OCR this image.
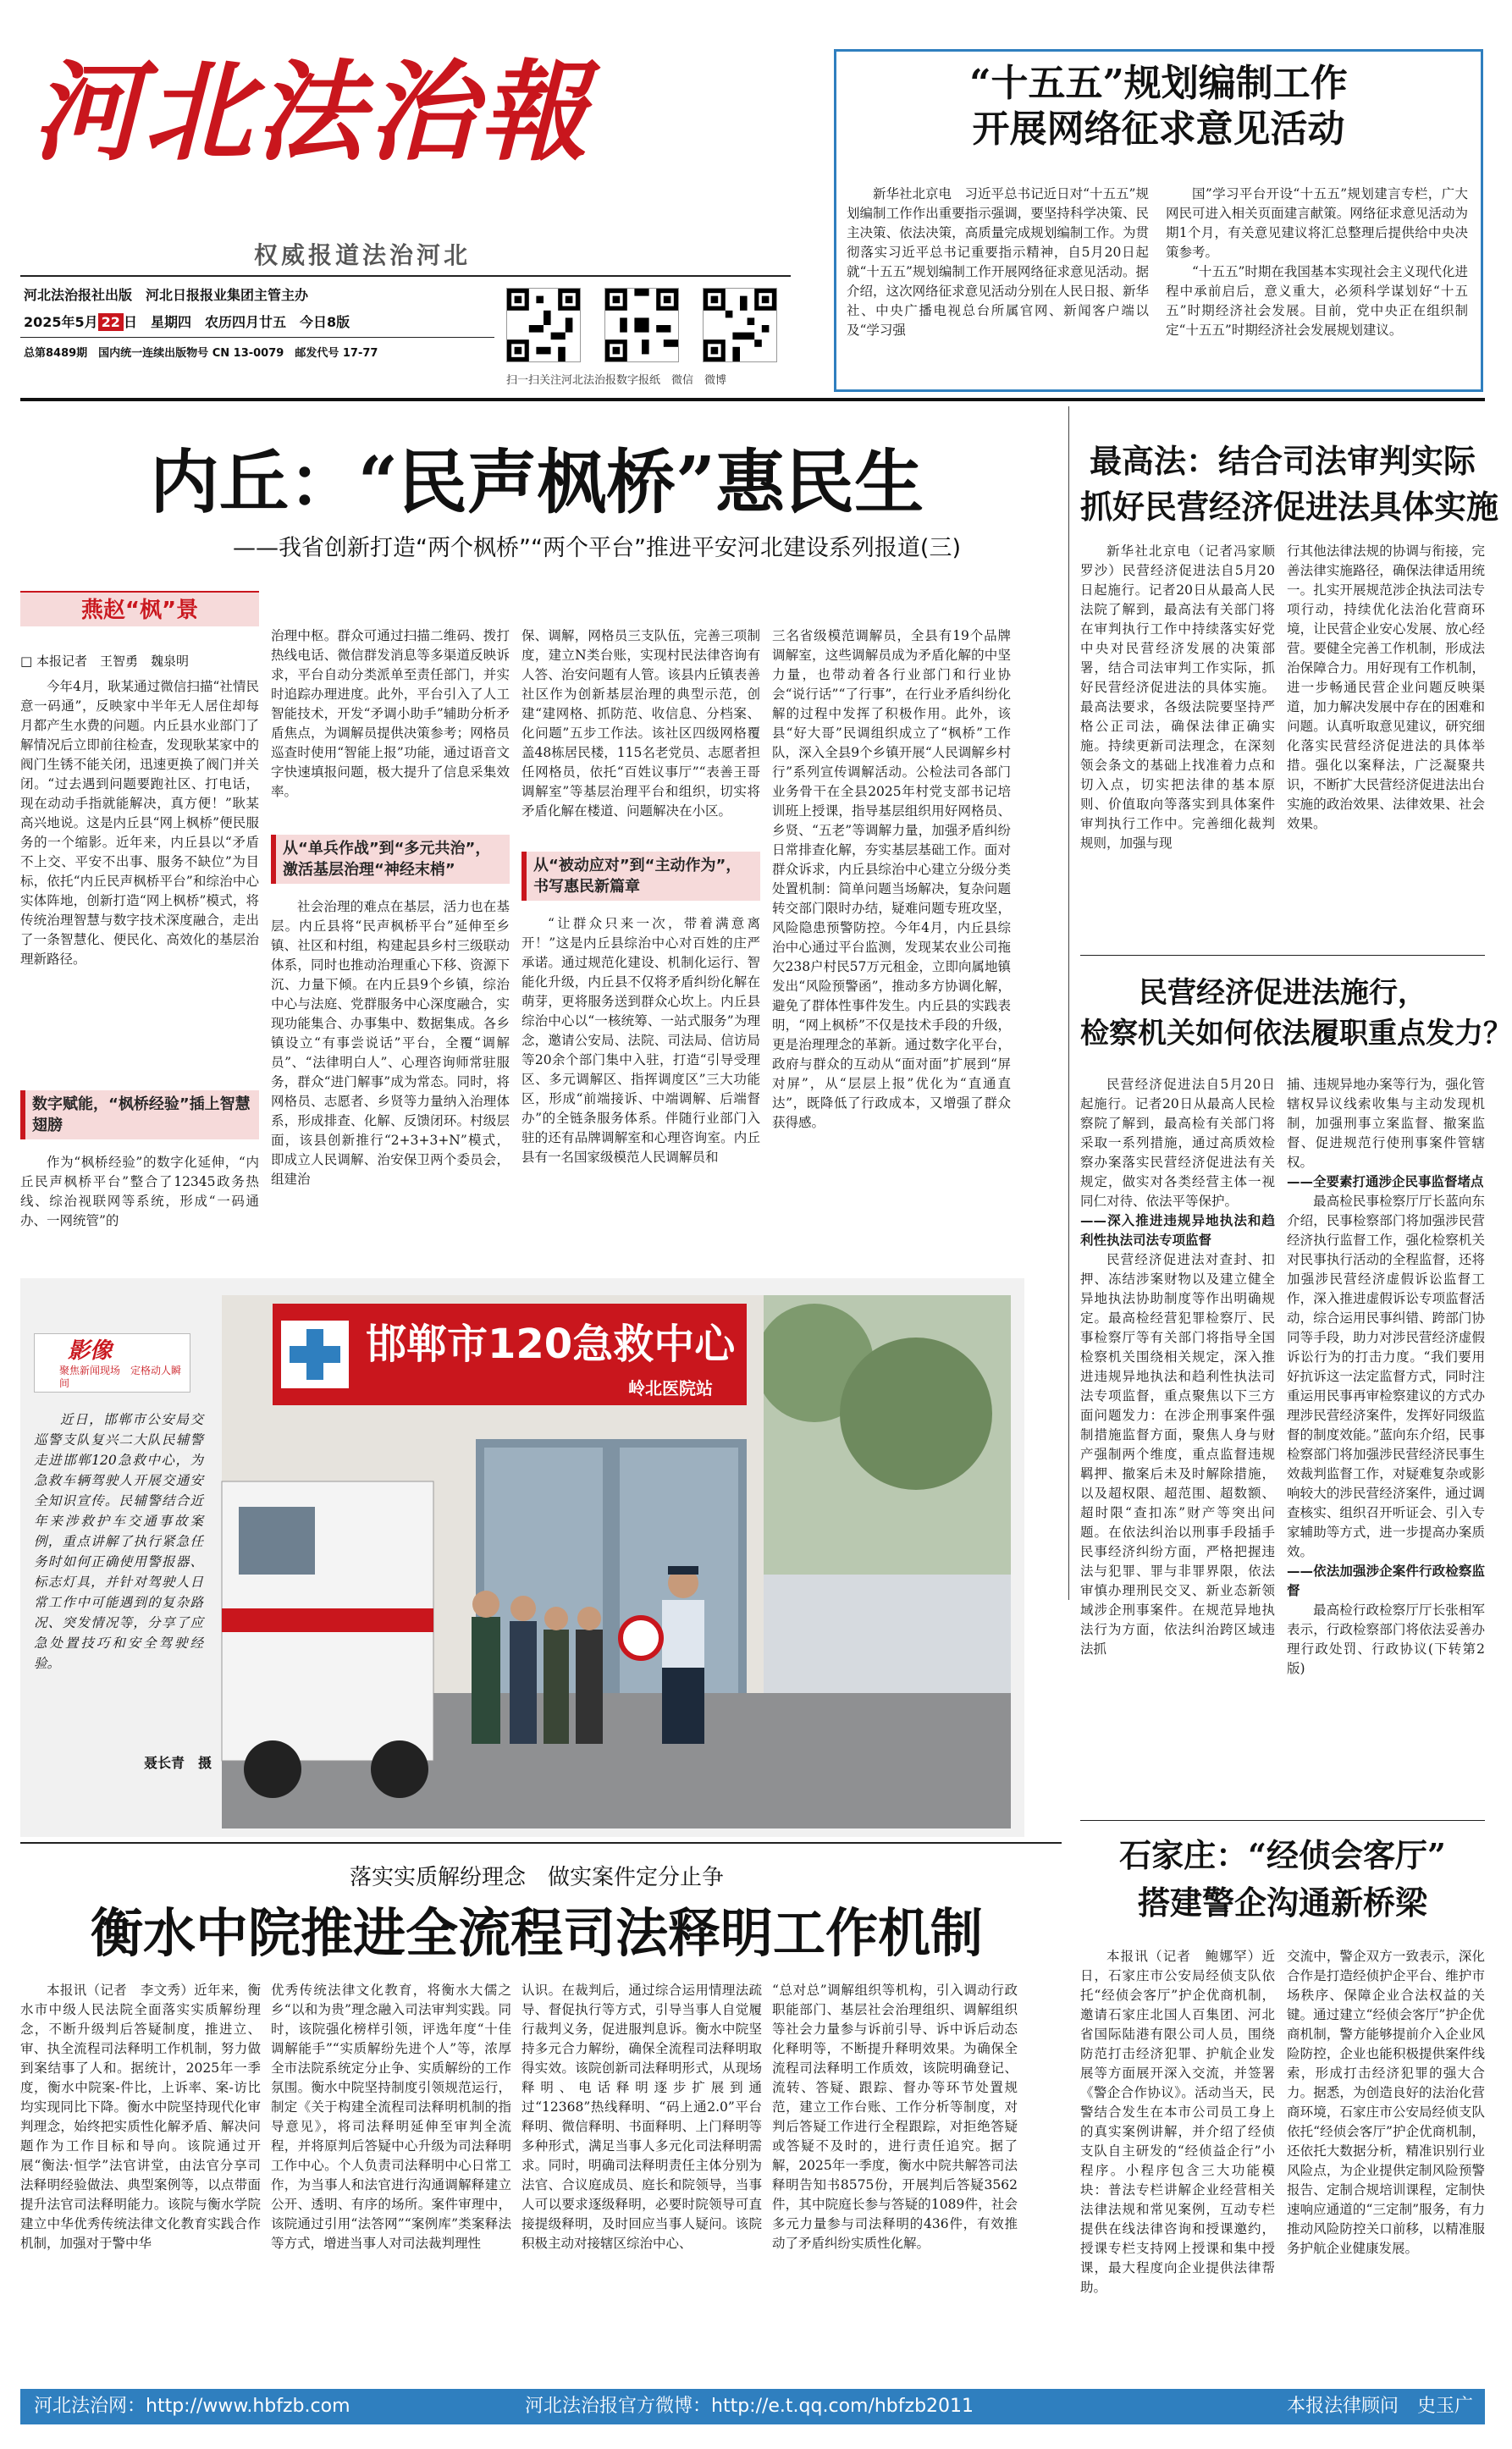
河北法治報
权威报道法治河北
河北法治报社出版　河北日报报业集团主管主办
2025年5月 22 日　星期四　农历四月廿五　今日8版
总第8489期　国内统一连续出版物号 CN 13-0079　邮发代号 17-77
扫一扫关注河北法治报数字报纸　微信　微博
“十五五”规划编制工作
开展网络征求意见活动

新华社北京电　习近平总书记近日对“十五五”规划编制工作作出重要指示强调，要坚持科学决策、民主决策、依法决策，高质量完成规划编制工作。为贯彻落实习近平总书记重要指示精神，自5月20日起就“十五五”规划编制工作开展网络征求意见活动。据介绍，这次网络征求意见活动分别在人民日报、新华社、中央广播电视总台所属官网、新闻客户端以及“学习强

国”学习平台开设“十五五”规划建言专栏，广大网民可进入相关页面建言献策。网络征求意见活动为期1个月，有关意见建议将汇总整理后提供给中央决策参考。

“十五五”时期在我国基本实现社会主义现代化进程中承前启后，意义重大，必须科学谋划好“十五五”时期经济社会发展。目前，党中央正在组织制定“十五五”时期经济社会发展规划建议。

内丘：“民声枫桥”惠民生
——我省创新打造“两个枫桥”“两个平台”推进平安河北建设系列报道(三)
燕赵“枫”景
□ 本报记者　王智勇　魏泉明

今年4月，耿某通过微信扫描“社情民意一码通”，反映家中半年无人居住却每月都产生水费的问题。内丘县水业部门了解情况后立即前往检查，发现耿某家中的阀门生锈不能关闭，迅速更换了阀门并关闭。“过去遇到问题要跑社区、打电话，现在动动手指就能解决，真方便！”耿某高兴地说。这是内丘县“网上枫桥”便民服务的一个缩影。近年来，内丘县以“矛盾不上交、平安不出事、服务不缺位”为目标，依托“内丘民声枫桥平台”和综治中心实体阵地，创新打造“网上枫桥”模式，将传统治理智慧与数字技术深度融合，走出了一条智慧化、便民化、高效化的基层治理新路径。

数字赋能，“枫桥经验”插上智慧翅膀

作为“枫桥经验”的数字化延伸，“内丘民声枫桥平台”整合了12345政务热线、综治视联网等系统，形成“一码通办、一网统管”的

治理中枢。群众可通过扫描二维码、拨打热线电话、微信群发消息等多渠道反映诉求，平台自动分类派单至责任部门，并实时追踪办理进度。此外，平台引入了人工智能技术，开发“矛调小助手”辅助分析矛盾焦点，为调解员提供决策参考；网格员巡查时使用“智能上报”功能，通过语音文字快速填报问题，极大提升了信息采集效率。

从“单兵作战”到“多元共治”，激活基层治理“神经末梢”

社会治理的难点在基层，活力也在基层。内丘县将“民声枫桥平台”延伸至乡镇、社区和村组，构建起县乡村三级联动体系，同时也推动治理重心下移、资源下沉、力量下倾。在内丘县9个乡镇，综治中心与法庭、党群服务中心深度融合，实现功能集合、办事集中、数据集成。各乡镇设立“有事尝说话”平台，全覆“调解员”、“法律明白人”、心理咨询师常驻服务，群众“进门解事”成为常态。同时，将网格员、志愿者、乡贤等力量纳入治理体系，形成排查、化解、反馈闭环。村级层面，该县创新推行“2+3+3+N”模式，即成立人民调解、治安保卫两个委员会，组建治

保、调解，网格员三支队伍，完善三项制度，建立N类台账，实现村民法律咨询有人答、治安问题有人管。该县内丘镇表善社区作为创新基层治理的典型示范，创建“建网格、抓防范、收信息、分档案、化问题”五步工作法。该社区四级网格覆盖48栋居民楼，115名老党员、志愿者担任网格员，依托“百姓议事厅”“表善王哥调解室”等基层治理平台和组织，切实将矛盾化解在楼道、问题解决在小区。

从“被动应对”到“主动作为”，书写惠民新篇章

“让群众只来一次，带着满意离开！”这是内丘县综治中心对百姓的庄严承诺。通过规范化建设、机制化运行、智能化升级，内丘县不仅将矛盾纠纷化解在萌芽，更将服务送到群众心坎上。内丘县综治中心以“一核统筹、一站式服务”为理念，邀请公安局、法院、司法局、信访局等20余个部门集中入驻，打造“引导受理区、多元调解区、指挥调度区”三大功能区，形成“前端接诉、中端调解、后端督办”的全链条服务体系。伴随行业部门入驻的还有品牌调解室和心理咨询室。内丘县有一名国家级模范人民调解员和

三名省级模范调解员，全县有19个品牌调解室，这些调解员成为矛盾化解的中坚力量，也带动着各行业部门和行业协会“说行话”“了行事”，在行业矛盾纠纷化解的过程中发挥了积极作用。此外，该县“好大哥”民调组织成立了“枫桥”工作队，深入全县9个乡镇开展“人民调解乡村行”系列宣传调解活动。公检法司各部门业务骨干在全县2025年村党支部书记培训班上授课，指导基层组织用好网格员、乡贤、“五老”等调解力量，加强矛盾纠纷日常排查化解，夯实基层基础工作。面对群众诉求，内丘县综治中心建立分级分类处置机制：简单问题当场解决，复杂问题转交部门限时办结，疑难问题专班攻坚，风险隐患预警防控。今年4月，内丘县综治中心通过平台监测，发现某农业公司拖欠238户村民57万元租金，立即向属地镇发出“风险预警函”，推动多方协调化解，避免了群体性事件发生。内丘县的实践表明，“网上枫桥”不仅是技术手段的升级，更是治理理念的革新。通过数字化平台，政府与群众的互动从“面对面”扩展到“屏对屏”，从“层层上报”优化为“直通直达”，既降低了行政成本，又增强了群众获得感。

最高法：结合司法审判实际
抓好民营经济促进法具体实施

新华社北京电（记者冯家顺　罗沙）民营经济促进法自5月20日起施行。记者20日从最高人民法院了解到，最高法有关部门将在审判执行工作中持续落实好党中央对民营经济发展的决策部署，结合司法审判工作实际，抓好民营经济促进法的具体实施。最高法要求，各级法院要坚持严格公正司法，确保法律正确实施。持续更新司法理念，在深刻领会条文的基础上找准着力点和切入点，切实把法律的基本原则、价值取向等落实到具体案件审判执行工作中。完善细化裁判规则，加强与现

行其他法律法规的协调与衔接，完善法律实施路径，确保法律适用统一。扎实开展规范涉企执法司法专项行动，持续优化法治化营商环境，让民营企业安心发展、放心经营。要健全完善工作机制，形成法治保障合力。用好现有工作机制，进一步畅通民营企业问题反映渠道，加力解决发展中存在的困难和问题。认真听取意见建议，研究细化落实民营经济促进法的具体举措。强化以案释法，广泛凝聚共识，不断扩大民营经济促进法出台实施的政治效果、法律效果、社会效果。

民营经济促进法施行，
检察机关如何依法履职重点发力？

民营经济促进法自5月20日起施行。记者20日从最高人民检察院了解到，最高检有关部门将采取一系列措施，通过高质效检察办案落实民营经济促进法有关规定，做实对各类经营主体一视同仁对待、依法平等保护。

——深入推进违规异地执法和趋利性执法司法专项监督

民营经济促进法对查封、扣押、冻结涉案财物以及建立健全异地执法协助制度等作出明确规定。最高检经营犯罪检察厅、民事检察厅等有关部门将指导全国检察机关围绕相关规定，深入推进违规异地执法和趋利性执法司法专项监督，重点聚焦以下三方面问题发力：在涉企刑事案件强制措施监督方面，聚焦人身与财产强制两个维度，重点监督违规羁押、撤案后未及时解除措施，以及超权限、超范围、超数额、超时限“查扣冻”财产等突出问题。在依法纠治以刑事手段插手民事经济纠纷方面，严格把握违法与犯罪、罪与非罪界限，依法审慎办理刑民交叉、新业态新领域涉企刑事案件。在规范异地执法行为方面，依法纠治跨区域违法抓

捕、违规异地办案等行为，强化管辖权异议线索收集与主动发现机制，加强刑事立案监督、撤案监督、促进规范行使刑事案件管辖权。

——全要素打通涉企民事监督堵点

最高检民事检察厅厅长蓝向东介绍，民事检察部门将加强涉民营经济执行监督工作，强化检察机关对民事执行活动的全程监督，还将加强涉民营经济虚假诉讼监督工作，深入推进虚假诉讼专项监督活动，综合运用民事纠错、跨部门协同等手段，助力对涉民营经济虚假诉讼行为的打击力度。“我们要用好抗诉这一法定监督方式，同时注重运用民事再审检察建议的方式办理涉民营经济案件，发挥好同级监督的制度效能。”蓝向东介绍，民事检察部门将加强涉民营经济民事生效裁判监督工作，对疑难复杂或影响较大的涉民营经济案件，通过调查核实、组织召开听证会、引入专家辅助等方式，进一步提高办案质效。

——依法加强涉企案件行政检察监督

最高检行政检察厅厅长张相军表示，行政检察部门将依法妥善办理行政处罚、行政协议(下转第2版)

影像
聚焦新闻现场　定格动人瞬间

近日，邯郸市公安局交巡警支队复兴二大队民辅警走进邯郸120急救中心，为急救车辆驾驶人开展交通安全知识宣传。民辅警结合近年来涉救护车交通事故案例，重点讲解了执行紧急任务时如何正确使用警报器、标志灯具，并针对驾驶人日常工作中可能遇到的复杂路况、突发情况等，分享了应急处置技巧和安全驾驶经验。

聂长青　摄
邯郸市120急救中心
岭北医院站
落实实质解纷理念　做实案件定分止争
衡水中院推进全流程司法释明工作机制

本报讯（记者　李文秀）近年来，衡水市中级人民法院全面落实实质解纷理念，不断升级判后答疑制度，推进立、审、执全流程司法释明工作机制，努力做到案结事了人和。据统计，2025年一季度，衡水中院案-件比，上诉率、案-访比均实现同比下降。衡水中院坚持现代化审判理念，始终把实质性化解矛盾、解决问题作为工作目标和导向。该院通过开展“衡法·恒学”法官讲堂，由法官分享司法释明经验做法、典型案例等，以点带面提升法官司法释明能力。该院与衡水学院建立中华优秀传统法律文化教育实践合作机制，加强对于警中华

优秀传统法律文化教育，将衡水大儒之乡“以和为贵”理念融入司法审判实践。同时，该院强化榜样引领，评选年度“十佳调解能手”“实质解纷先进个人”等，浓厚全市法院系统定分止争、实质解纷的工作氛围。衡水中院坚持制度引领规范运行，制定《关于构建全流程司法释明机制的指导意见》，将司法释明延伸至审判全流程，并将原判后答疑中心升级为司法释明工作中心。个人负责司法释明中心日常工作，为当事人和法官进行沟通调解释建立公开、透明、有序的场所。案件审理中，该院通过引用“法答网”“案例库”类案释法等方式，增进当事人对司法裁判理性

认识。在裁判后，通过综合运用情理法疏导、督促执行等方式，引导当事人自觉履行裁判义务，促进服判息诉。衡水中院坚持多元合力解纷，确保全流程司法释明取得实效。该院创新司法释明形式，从现场释明、电话释明逐步扩展到通过“12368”热线释明、“码上通2.0”平台释明、微信释明、书面释明、上门释明等多种形式，满足当事人多元化司法释明需求。同时，明确司法释明责任主体分别为法官、合议庭成员、庭长和院领导，当事人可以要求逐级释明，必要时院领导可直接提级释明，及时回应当事人疑问。该院积极主动对接辖区综治中心、

“总对总”调解组织等机构，引入调动行政职能部门、基层社会治理组织、调解组织等社会力量参与诉前引导、诉中诉后动态化释明等，不断提升释明效果。为确保全流程司法释明工作质效，该院明确登记、流转、答疑、跟踪、督办等环节处置规范，建立工作台账、工作分析等制度，对判后答疑工作进行全程跟踪，对拒绝答疑或答疑不及时的，进行责任追究。据了解，2025年一季度，衡水中院共解答司法释明告知书8575份，开展判后答疑3562件，其中院庭长参与答疑的1089件，社会多元力量参与司法释明的436件，有效推动了矛盾纠纷实质性化解。

石家庄：“经侦会客厅”
搭建警企沟通新桥梁

本报讯（记者　鲍娜罕）近日，石家庄市公安局经侦支队依托“经侦会客厅”护企优商机制，邀请石家庄北国人百集团、河北省国际陆港有限公司人员，围绕防范打击经济犯罪、护航企业发展等方面展开深入交流，并签署《警企合作协议》。活动当天，民警结合发生在本市公司员工身上的真实案例讲解，并介绍了经侦支队自主研发的“经侦益企行”小程序。小程序包含三大功能模块：普法专栏讲解企业经营相关法律法规和常见案例，互动专栏提供在线法律咨询和授课邀约，授课专栏支持网上授课和集中授课，最大程度向企业提供法律帮助。

交流中，警企双方一致表示，深化合作是打造经侦护企平台、维护市场秩序、保障企业合法权益的关键。通过建立“经侦会客厅”护企优商机制，警方能够提前介入企业风险防控，企业也能积极提供案件线索，形成打击经济犯罪的强大合力。据悉，为创造良好的法治化营商环境，石家庄市公安局经侦支队依托“经侦会客厅”护企优商机制，还依托大数据分析，精准识别行业风险点，为企业提供定制风险预警报告、定制合规培训课程，定制快速响应通道的“三定制”服务，有力推动风险防控关口前移，以精准服务护航企业健康发展。

河北法治网：http://www.hbfzb.com	河北法治报官方微博：http://e.t.qq.com/hbfzb2011	本报法律顾问　史玉广
